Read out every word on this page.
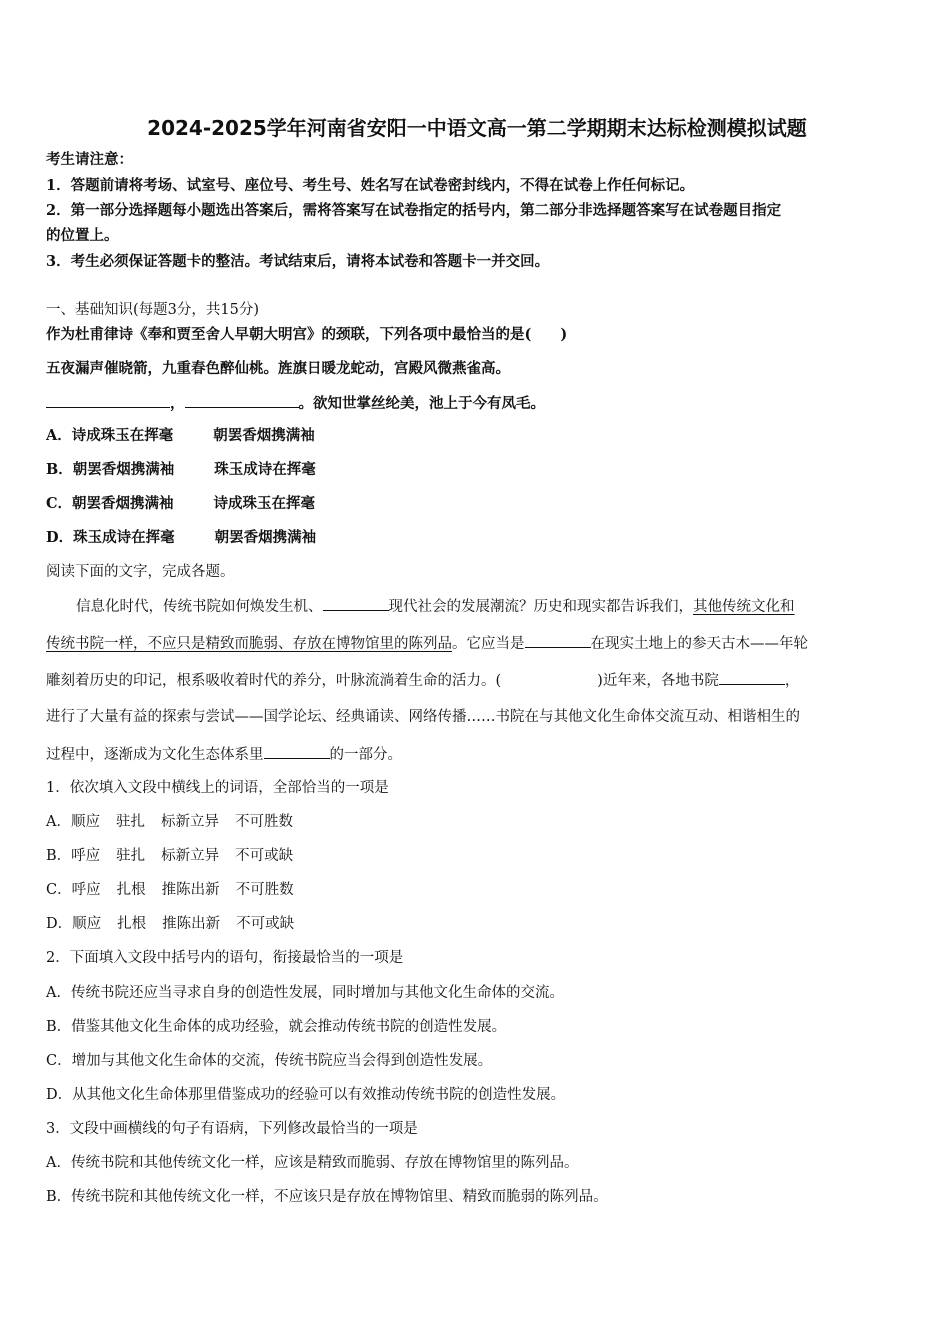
2024-2025学年河南省安阳一中语文高一第二学期期末达标检测模拟试题
考生请注意：
1．答题前请将考场、试室号、座位号、考生号、姓名写在试卷密封线内，不得在试卷上作任何标记。
2．第一部分选择题每小题选出答案后，需将答案写在试卷指定的括号内，第二部分非选择题答案写在试卷题目指定
的位置上。
3．考生必须保证答题卡的整洁。考试结束后，请将本试卷和答题卡一并交回。
一、基础知识(每题3分，共15分)
作为杜甫律诗《奉和贾至舍人早朝大明宫》的颈联，下列各项中最恰当的是(　　)
五夜漏声催晓箭，九重春色醉仙桃。旌旗日暖龙蛇动，宫殿风微燕雀高。
，	。欲知世掌丝纶美，池上于今有凤毛。
A．诗成珠玉在挥毫	朝罢香烟携满袖
B．朝罢香烟携满袖	珠玉成诗在挥毫
C．朝罢香烟携满袖	诗成珠玉在挥毫
D．珠玉成诗在挥毫	朝罢香烟携满袖
阅读下面的文字，完成各题。
信息化时代，传统书院如何焕发生机、	现代社会的发展潮流？历史和现实都告诉我们，其他传统文化和
传统书院一样，不应只是精致而脆弱、存放在博物馆里的陈列品。它应当是	在现实土地上的参天古木——年轮
雕刻着历史的印记，根系吸收着时代的养分，叶脉流淌着生命的活力。(	)近年来，各地书院	，
进行了大量有益的探索与尝试——国学论坛、经典诵读、网络传播……书院在与其他文化生命体交流互动、相谐相生的
过程中，逐渐成为文化生态体系里	的一部分。
1．依次填入文段中横线上的词语，全部恰当的一项是
A．顺应 驻扎 标新立异 不可胜数
B．呼应 驻扎 标新立异 不可或缺
C．呼应 扎根 推陈出新 不可胜数
D．顺应 扎根 推陈出新 不可或缺
2．下面填入文段中括号内的语句，衔接最恰当的一项是
A．传统书院还应当寻求自身的创造性发展，同时增加与其他文化生命体的交流。
B．借鉴其他文化生命体的成功经验，就会推动传统书院的创造性发展。
C．增加与其他文化生命体的交流，传统书院应当会得到创造性发展。
D．从其他文化生命体那里借鉴成功的经验可以有效推动传统书院的创造性发展。
3．文段中画横线的句子有语病，下列修改最恰当的一项是
A．传统书院和其他传统文化一样，应该是精致而脆弱、存放在博物馆里的陈列品。
B．传统书院和其他传统文化一样，不应该只是存放在博物馆里、精致而脆弱的陈列品。
